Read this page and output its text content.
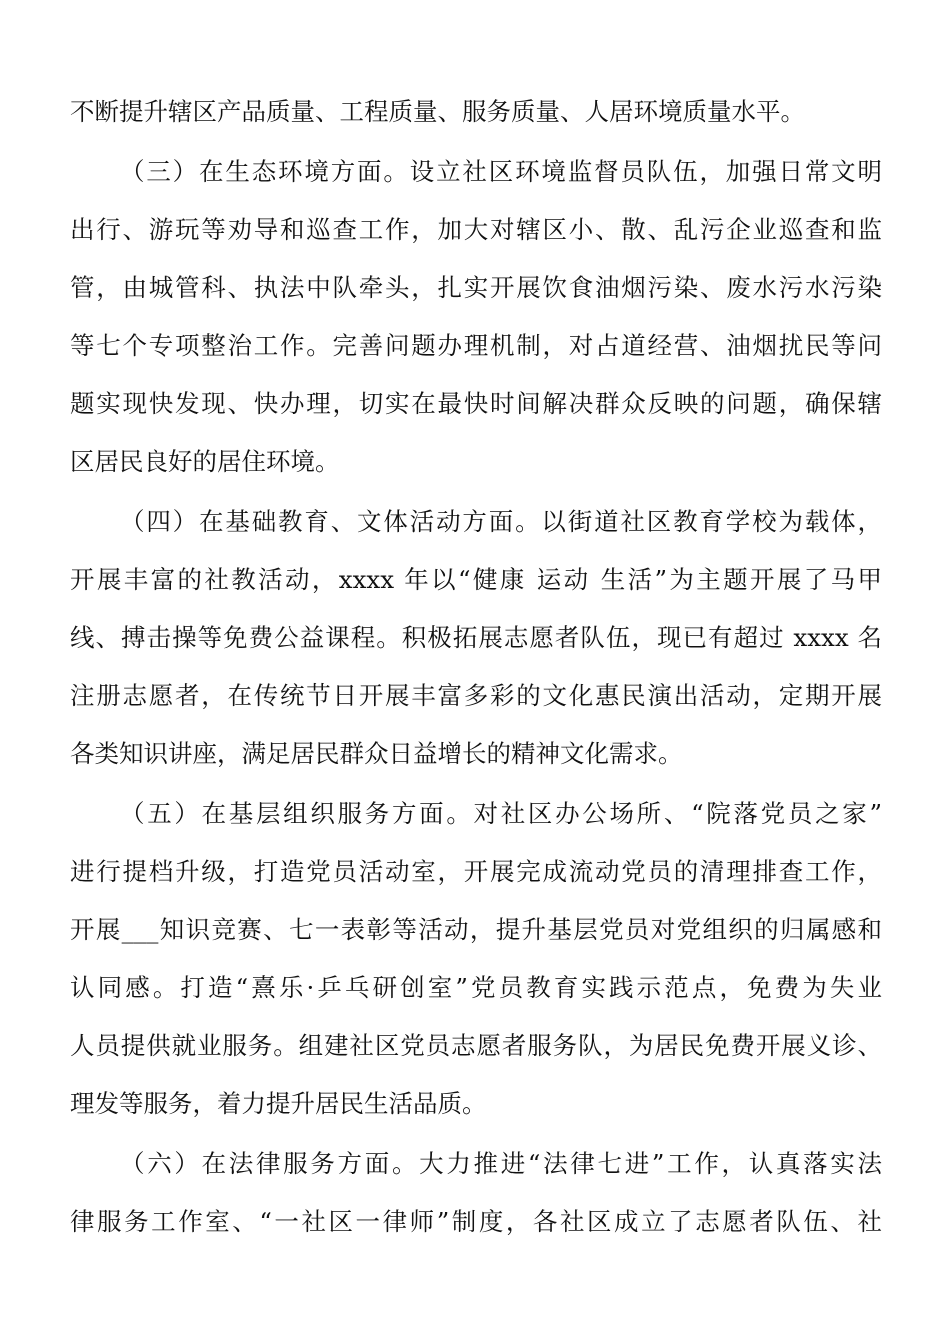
不断提升辖区产品质量、工程质量、服务质量、人居环境质量水平。
（三）在生态环境方面。设立社区环境监督员队伍，加强日常文明
出行、游玩等劝导和巡查工作，加大对辖区小、散、乱污企业巡查和监
管，由城管科、执法中队牵头，扎实开展饮食油烟污染、废水污水污染
等七个专项整治工作。完善问题办理机制，对占道经营、油烟扰民等问
题实现快发现、快办理，切实在最快时间解决群众反映的问题，确保辖
区居民良好的居住环境。
（四）在基础教育、文体活动方面。以街道社区教育学校为载体，
开展丰富的社教活动，xxxx 年以“健康 运动 生活”为主题开展了马甲
线、搏击操等免费公益课程。积极拓展志愿者队伍，现已有超过 xxxx 名
注册志愿者，在传统节日开展丰富多彩的文化惠民演出活动，定期开展
各类知识讲座，满足居民群众日益增长的精神文化需求。
（五）在基层组织服务方面。对社区办公场所、“院落党员之家”
进行提档升级，打造党员活动室，开展完成流动党员的清理排查工作，
开展___知识竞赛、七一表彰等活动，提升基层党员对党组织的归属感和
认同感。打造“熹乐·乒乓研创室”党员教育实践示范点，免费为失业
人员提供就业服务。组建社区党员志愿者服务队，为居民免费开展义诊、
理发等服务，着力提升居民生活品质。
（六）在法律服务方面。大力推进“法律七进”工作，认真落实法
律服务工作室、“一社区一律师”制度，各社区成立了志愿者队伍、社
